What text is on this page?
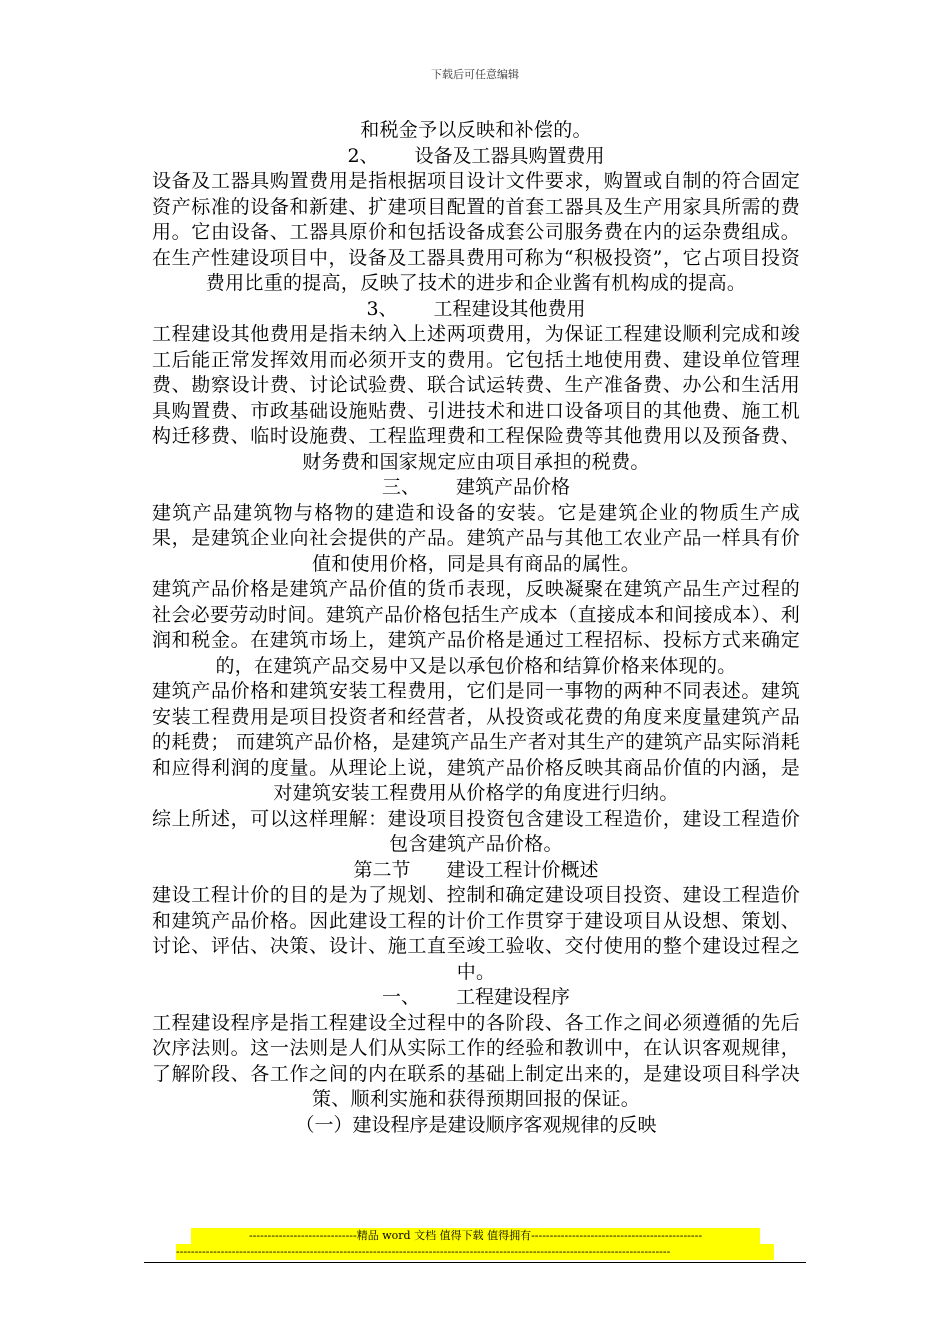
下载后可任意编辑
和税金予以反映和补偿的。
2、 设备及工器具购置费用
设备及工器具购置费用是指根据项目设计文件要求，购置或自制的符合固定资产标准的设备和新建、扩建项目配置的首套工器具及生产用家具所需的费用。它由设备、工器具原价和包括设备成套公司服务费在内的运杂费组成。在生产性建设项目中，设备及工器具费用可称为“积极投资”，它占项目投资费用比重的提高，反映了技术的进步和企业酱有机构成的提高。
3、 工程建设其他费用
工程建设其他费用是指未纳入上述两项费用，为保证工程建设顺利完成和竣工后能正常发挥效用而必须开支的费用。它包括土地使用费、建设单位管理费、勘察设计费、讨论试验费、联合试运转费、生产准备费、办公和生活用具购置费、市政基础设施贴费、引进技术和进口设备项目的其他费、施工机构迁移费、临时设施费、工程监理费和工程保险费等其他费用以及预备费、财务费和国家规定应由项目承担的税费。
三、 建筑产品价格
建筑产品建筑物与格物的建造和设备的安装。它是建筑企业的物质生产成果，是建筑企业向社会提供的产品。建筑产品与其他工农业产品一样具有价值和使用价格，同是具有商品的属性。
建筑产品价格是建筑产品价值的货币表现，反映凝聚在建筑产品生产过程的社会必要劳动时间。建筑产品价格包括生产成本（直接成本和间接成本）、利润和税金。在建筑市场上，建筑产品价格是通过工程招标、投标方式来确定的，在建筑产品交易中又是以承包价格和结算价格来体现的。
建筑产品价格和建筑安装工程费用，它们是同一事物的两种不同表述。建筑安装工程费用是项目投资者和经营者，从投资或花费的角度来度量建筑产品的耗费； 而建筑产品价格，是建筑产品生产者对其生产的建筑产品实际消耗和应得利润的度量。从理论上说，建筑产品价格反映其商品价值的内涵，是对建筑安装工程费用从价格学的角度进行归纳。
综上所述，可以这样理解：建设项目投资包含建设工程造价，建设工程造价包含建筑产品价格。
第二节 建设工程计价概述
建设工程计价的目的是为了规划、控制和确定建设项目投资、建设工程造价和建筑产品价格。因此建设工程的计价工作贯穿于建设项目从设想、策划、讨论、评估、决策、设计、施工直至竣工验收、交付使用的整个建设过程之中。
一、 工程建设程序
工程建设程序是指工程建设全过程中的各阶段、各工作之间必须遵循的先后次序法则。这一法则是人们从实际工作的经验和教训中，在认识客观规律，了解阶段、各工作之间的内在联系的基础上制定出来的，是建设项目科学决策、顺利实施和获得预期回报的保证。
（一）建设程序是建设顺序客观规律的反映
-----------------------------精品 word 文档 值得下载 值得拥有----------------------------------------------
-------------------------------------------------------------------------------------------------------------------------------------
